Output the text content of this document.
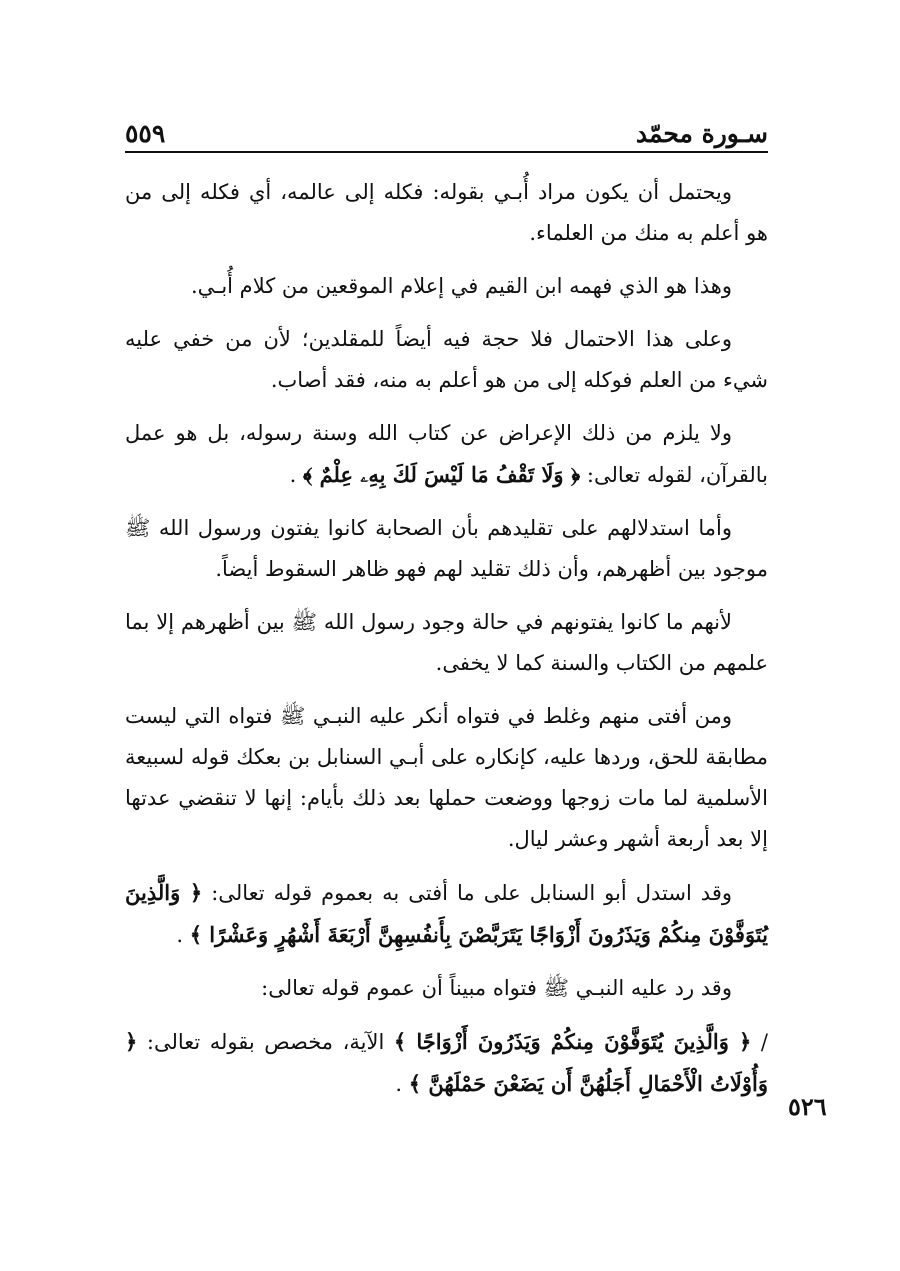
سـورة محمّد
٥٥٩

ويحتمل أن يكون مراد أُبـي بقوله: فكله إلى عالمه، أي فكله إلى من هو أعلم به منك من العلماء.

وهذا هو الذي فهمه ابن القيم في إعلام الموقعين من كلام أُبـي.

وعلى هذا الاحتمال فلا حجة فيه أيضاً للمقلدين؛ لأن من خفي عليه شيء من العلم فوكله إلى من هو أعلم به منه، فقد أصاب.

ولا يلزم من ذلك الإعراض عن كتاب الله وسنة رسوله، بل هو عمل بالقرآن، لقوله تعالى: ﴿ وَلَا تَقْفُ مَا لَيْسَ لَكَ بِهِۦ عِلْمٌ ﴾ .

وأما استدلالهم على تقليدهم بأن الصحابة كانوا يفتون ورسول الله ﷺ موجود بين أظهرهم، وأن ذلك تقليد لهم فهو ظاهر السقوط أيضاً.

لأنهم ما كانوا يفتونهم في حالة وجود رسول الله ﷺ بين أظهرهم إلا بما علمهم من الكتاب والسنة كما لا يخفى.

ومن أفتى منهم وغلط في فتواه أنكر عليه النبـي ﷺ فتواه التي ليست مطابقة للحق، وردها عليه، كإنكاره على أبـي السنابل بن بعكك قوله لسبيعة الأسلمية لما مات زوجها ووضعت حملها بعد ذلك بأيام: إنها لا تنقضي عدتها إلا بعد أربعة أشهر وعشر ليال.

وقد استدل أبو السنابل على ما أفتى به بعموم قوله تعالى: ﴿ وَالَّذِينَ يُتَوَفَّوْنَ مِنكُمْ وَيَذَرُونَ أَزْوَاجًا يَتَرَبَّصْنَ بِأَنفُسِهِنَّ أَرْبَعَةَ أَشْهُرٍ وَعَشْرًا ﴾ .

وقد رد عليه النبـي ﷺ فتواه مبيناً أن عموم قوله تعالى:

/ ﴿ وَالَّذِينَ يُتَوَفَّوْنَ مِنكُمْ وَيَذَرُونَ أَزْوَاجًا ﴾ الآية، مخصص بقوله تعالى: ﴿ وَأُوْلَاتُ الْأَحْمَالِ أَجَلُهُنَّ أَن يَضَعْنَ حَمْلَهُنَّ ﴾ .

٥٢٦
